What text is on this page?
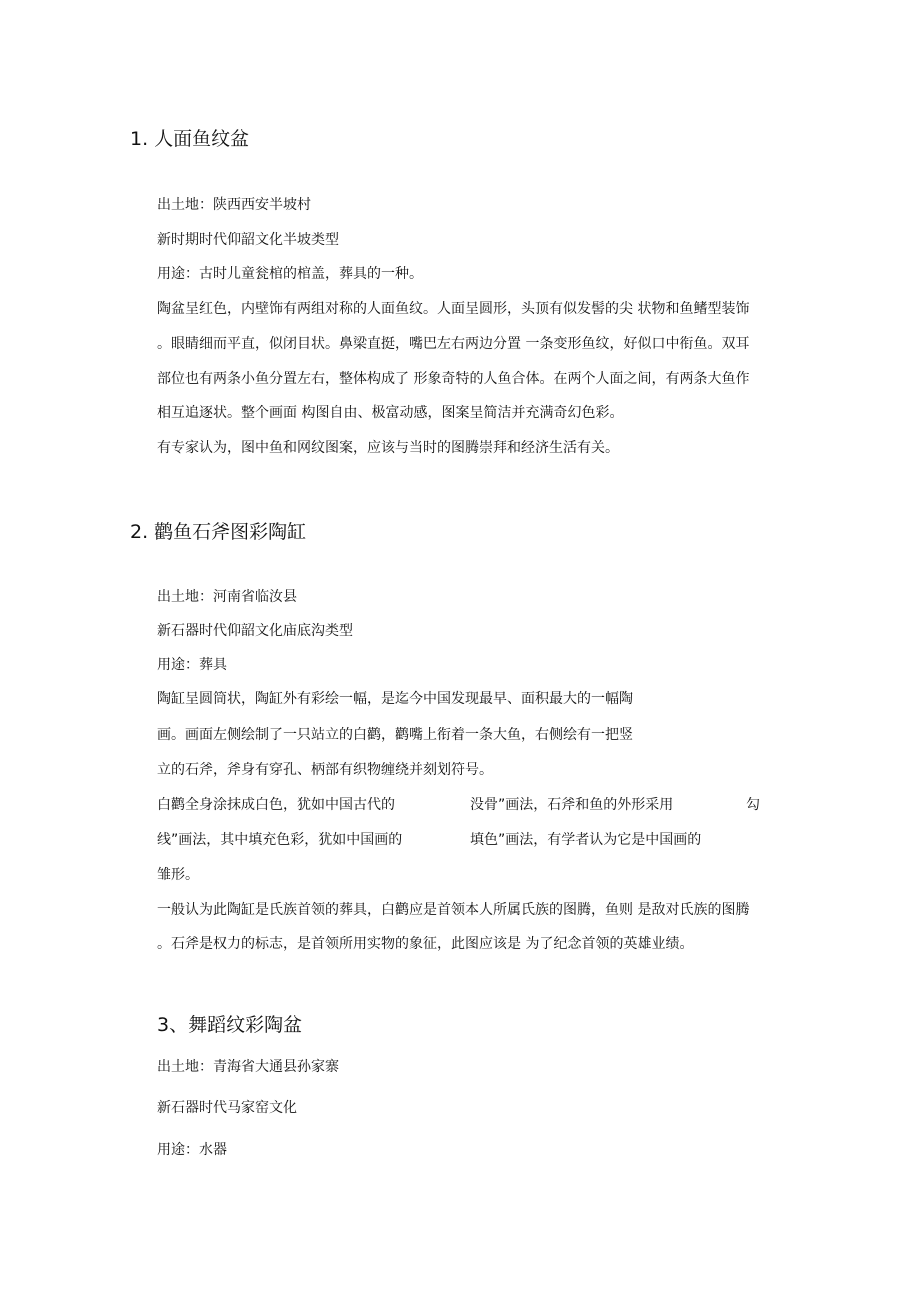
1. 人面鱼纹盆
出土地：陕西西安半坡村
新时期时代仰韶文化半坡类型
用途：古时儿童瓮棺的棺盖，葬具的一种。
陶盆呈红色，内壁饰有两组对称的人面鱼纹。人面呈圆形，头顶有似发髻的尖 状物和鱼鳍型装饰
。眼睛细而平直，似闭目状。鼻梁直挺，嘴巴左右两边分置 一条变形鱼纹，好似口中衔鱼。双耳
部位也有两条小鱼分置左右，整体构成了 形象奇特的人鱼合体。在两个人面之间，有两条大鱼作
相互追逐状。整个画面 构图自由、极富动感，图案呈简洁并充满奇幻色彩。
有专家认为，图中鱼和网纹图案，应该与当时的图腾崇拜和经济生活有关。
2. 鹳鱼石斧图彩陶缸
出土地：河南省临汝县
新石器时代仰韶文化庙底沟类型
用途：葬具
陶缸呈圆筒状，陶缸外有彩绘一幅，是迄今中国发现最早、面积最大的一幅陶
画。画面左侧绘制了一只站立的白鹳，鹳嘴上衔着一条大鱼，右侧绘有一把竖
立的石斧，斧身有穿孔、柄部有织物缠绕并刻划符号。
白鹳全身涂抹成白色，犹如中国古代的	没骨”画法，石斧和鱼的外形采用	勾
线”画法，其中填充色彩，犹如中国画的	填色”画法，有学者认为它是中国画的
雏形。
一般认为此陶缸是氏族首领的葬具，白鹳应是首领本人所属氏族的图腾，鱼则 是敌对氏族的图腾
。石斧是权力的标志，是首领所用实物的象征，此图应该是 为了纪念首领的英雄业绩。
3、舞蹈纹彩陶盆
出土地：青海省大通县孙家寨
新石器时代马家窑文化
用途：水器
